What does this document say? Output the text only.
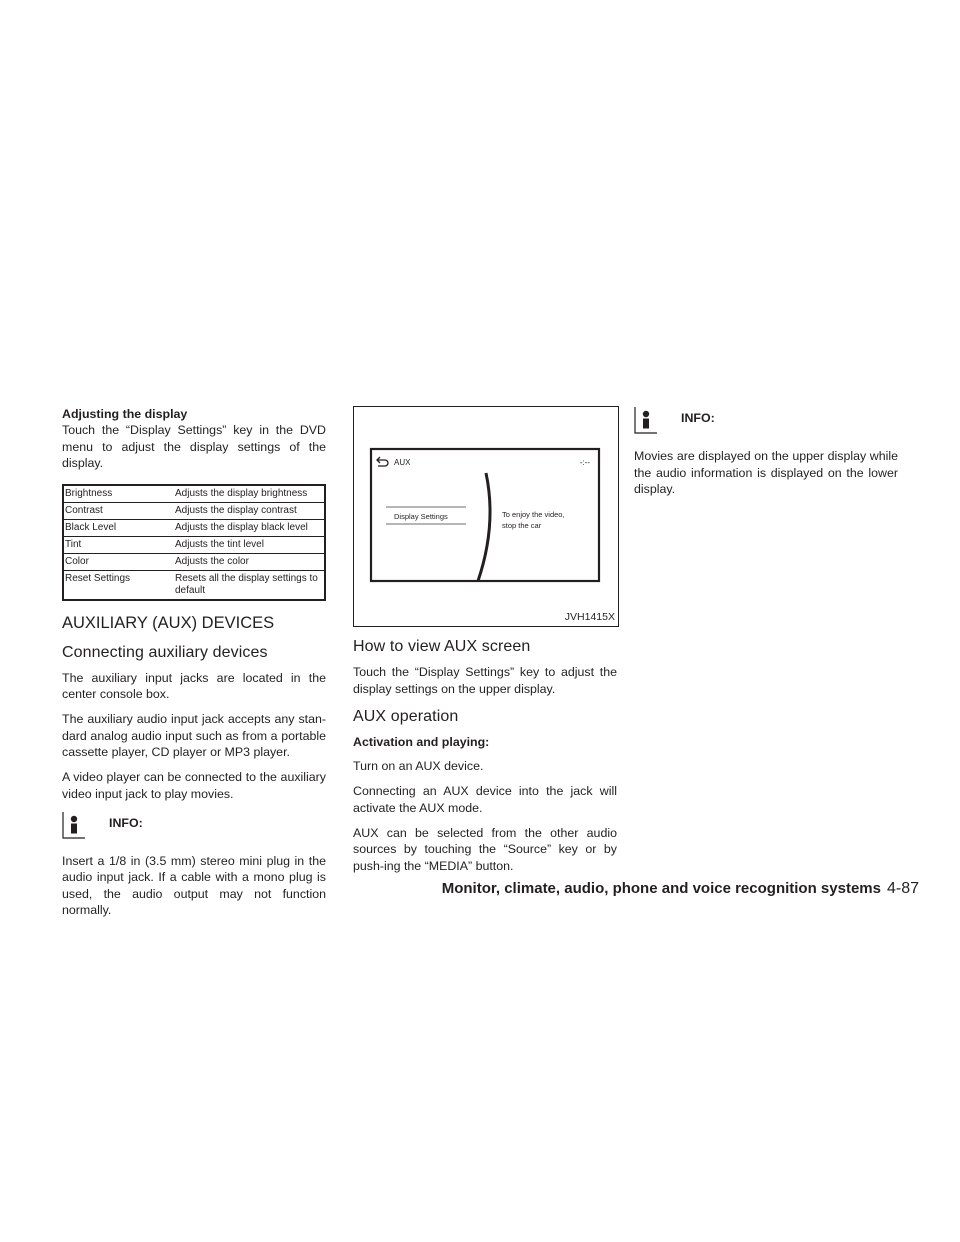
Adjusting the display

Touch the “Display Settings” key in the DVD menu to adjust the display settings of the display.

Brightness	Adjusts the display brightness
Contrast	Adjusts the display contrast
Black Level	Adjusts the display black level
Tint	Adjusts the tint level
Color	Adjusts the color
Reset Settings	Resets all the display settings to default
AUXILIARY (AUX) DEVICES
Connecting auxiliary devices

The auxiliary input jacks are located in the center console box.

The auxiliary audio input jack accepts any stan-dard analog audio input such as from a portable cassette player, CD player or MP3 player.

A video player can be connected to the auxiliary video input jack to play movies.

INFO:

Insert a 1/8 in (3.5 mm) stereo mini plug in the audio input jack. If a cable with a mono plug is used, the audio output may not function normally.

AUX	-:--
Display Settings	To enjoy the video,
stop the car
JVH1415X
How to view AUX screen

Touch the “Display Settings” key to adjust the display settings on the upper display.

AUX operation
Activation and playing:

Turn on an AUX device.

Connecting an AUX device into the jack will activate the AUX mode.

AUX can be selected from the other audio sources by touching the “Source” key or by push-ing the “MEDIA” button.

INFO:

Movies are displayed on the upper display while the audio information is displayed on the lower display.

Monitor, climate, audio, phone and voice recognition systems 4-87
